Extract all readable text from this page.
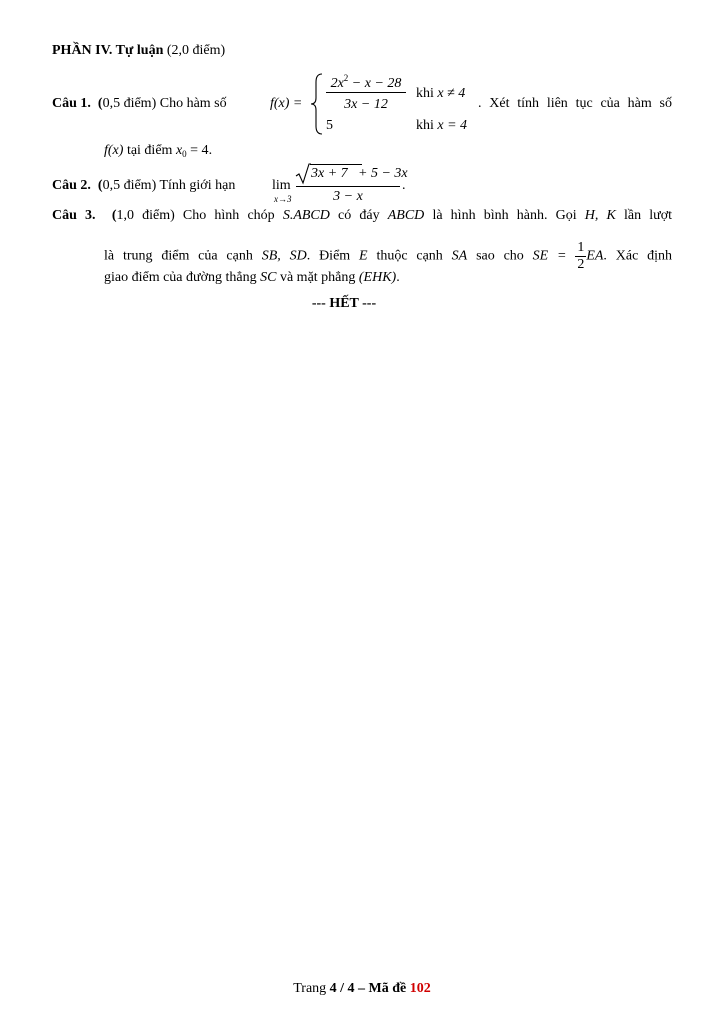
PHẦN IV. Tự luận (2,0 điểm)
Câu 1. (0,5 điểm) Cho hàm số	f(x) =
$2x^2 - x - 28$
3x − 12
khi x ≠ 4
5	khi x = 4
. Xét tính liên tục của hàm số
f(x) tại điểm $x_0 = 4$.
Câu 2. (0,5 điểm) Tính giới hạn	lim
x→3
3x + 7 + 5 − 3x
3 − x
.
Câu 3. (1,0 điểm) Cho hình chóp S.ABCD có đáy ABCD là hình bình hành. Gọi H, K lần lượt
là trung điểm của cạnh SB, SD. Điểm E thuộc cạnh SA sao cho SE = $\frac{1}{2}$ EA. Xác định
giao điểm của đường thẳng SC và mặt phẳng (EHK).
--- HẾT ---
Trang 4 / 4 – Mã đề 102
